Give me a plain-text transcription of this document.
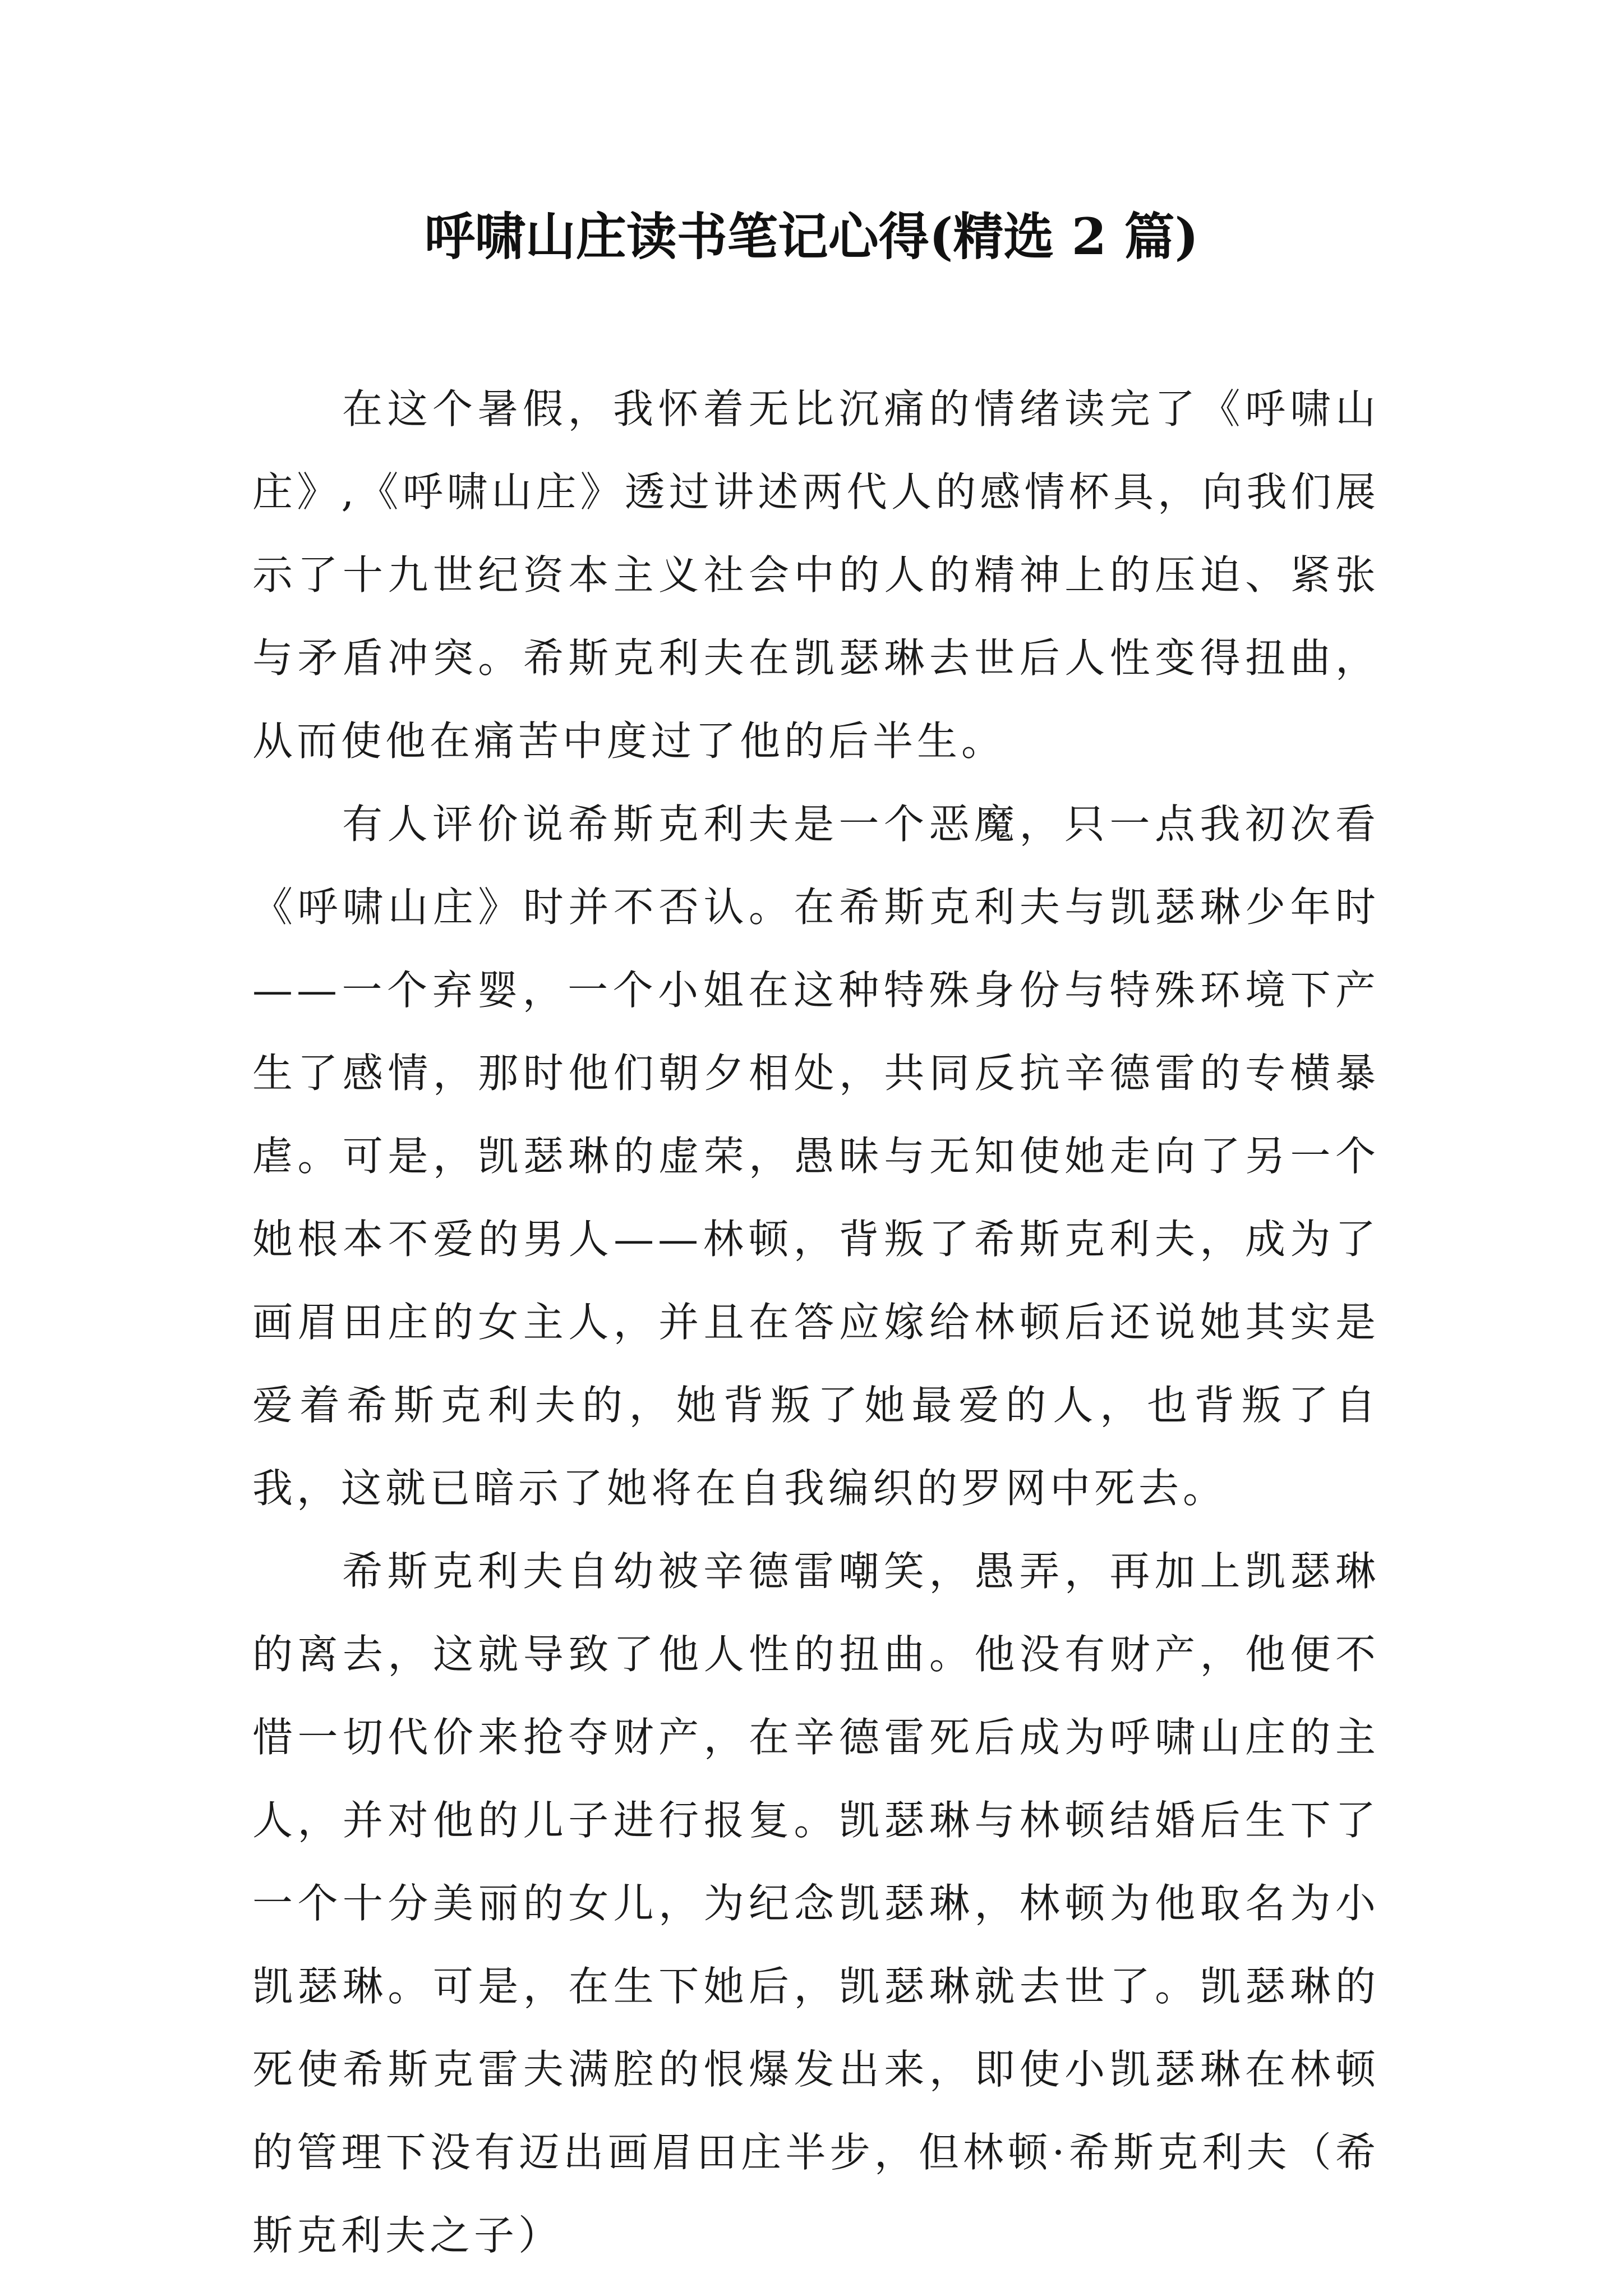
呼啸山庄读书笔记心得(精选 2 篇)

在这个暑假，我怀着无比沉痛的情绪读完了《呼啸山庄》,《呼啸山庄》透过讲述两代人的感情杯具，向我们展示了十九世纪资本主义社会中的人的精神上的压迫、紧张与矛盾冲突。希斯克利夫在凯瑟琳去世后人性变得扭曲，从而使他在痛苦中度过了他的后半生。

有人评价说希斯克利夫是一个恶魔，只一点我初次看《呼啸山庄》时并不否认。在希斯克利夫与凯瑟琳少年时——一个弃婴，一个小姐在这种特殊身份与特殊环境下产生了感情，那时他们朝夕相处，共同反抗辛德雷的专横暴虐。可是，凯瑟琳的虚荣，愚昧与无知使她走向了另一个她根本不爱的男人——林顿，背叛了希斯克利夫，成为了画眉田庄的女主人，并且在答应嫁给林顿后还说她其实是爱着希斯克利夫的，她背叛了她最爱的人，也背叛了自我，这就已暗示了她将在自我编织的罗网中死去。

希斯克利夫自幼被辛德雷嘲笑，愚弄，再加上凯瑟琳的离去，这就导致了他人性的扭曲。他没有财产，他便不惜一切代价来抢夺财产，在辛德雷死后成为呼啸山庄的主人，并对他的儿子进行报复。凯瑟琳与林顿结婚后生下了一个十分美丽的女儿，为纪念凯瑟琳，林顿为他取名为小凯瑟琳。可是，在生下她后，凯瑟琳就去世了。凯瑟琳的死使希斯克雷夫满腔的恨爆发出来，即使小凯瑟琳在林顿的管理下没有迈出画眉田庄半步，但林顿·希斯克利夫（希斯克利夫之子）
